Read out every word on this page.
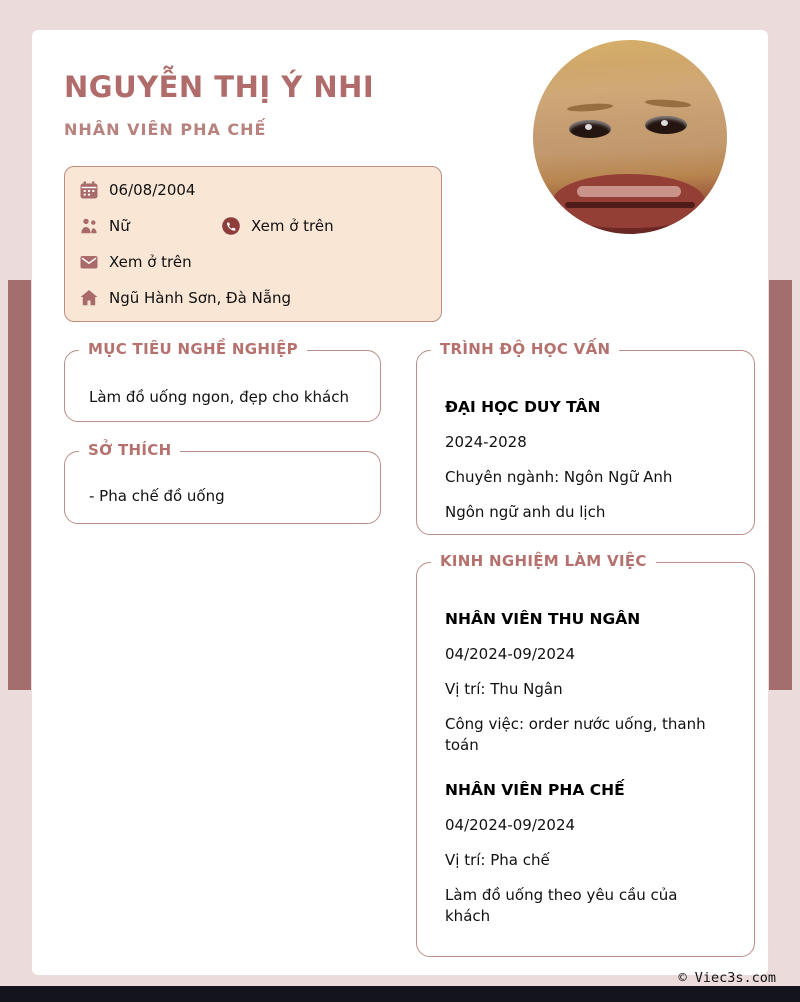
NGUYỄN THỊ Ý NHI
NHÂN VIÊN PHA CHẾ
06/08/2004
Nữ	Xem ở trên
Xem ở trên
Ngũ Hành Sơn, Đà Nẵng
MỤC TIÊU NGHỀ NGHIỆP

Làm đồ uống ngon, đẹp cho khách

SỞ THÍCH

- Pha chế đồ uống

TRÌNH ĐỘ HỌC VẤN

ĐẠI HỌC DUY TÂN

2024-2028

Chuyên ngành: Ngôn Ngữ Anh

Ngôn ngữ anh du lịch

KINH NGHIỆM LÀM VIỆC

NHÂN VIÊN THU NGÂN

04/2024-09/2024

Vị trí: Thu Ngân

Công việc: order nước uống, thanh toán

NHÂN VIÊN PHA CHẾ

04/2024-09/2024

Vị trí: Pha chế

Làm đồ uống theo yêu cầu của khách

© Viec3s.com
